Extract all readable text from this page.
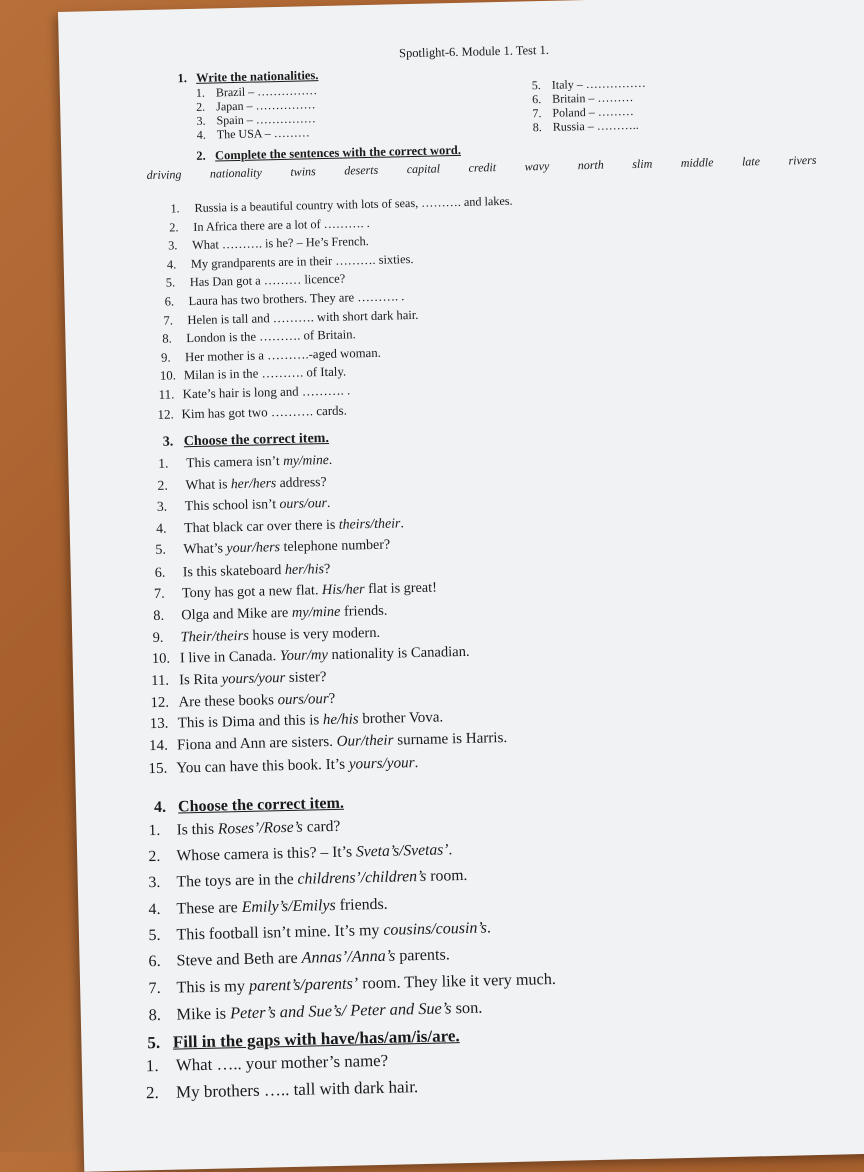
Spotlight-6. Module 1. Test 1.
1. Write the nationalities.
1. Brazil – ……………
2. Japan – ……………
3. Spain – ……………
4. The USA – ………
5. Italy – ……………
6. Britain – ………
7. Poland – ………
8. Russia – ………..
2. Complete the sentences with the correct word.
driving nationality twins deserts capital credit wavy north slim middle late rivers
1. Russia is a beautiful country with lots of seas, ………. and lakes.
2. In Africa there are a lot of ………. .
3. What ………. is he? – He’s French.
4. My grandparents are in their ………. sixties.
5. Has Dan got a ……… licence?
6. Laura has two brothers. They are ………. .
7. Helen is tall and ………. with short dark hair.
8. London is the ………. of Britain.
9. Her mother is a ……….-aged woman.
10. Milan is in the ………. of Italy.
11. Kate’s hair is long and ………. .
12. Kim has got two ………. cards.
3. Choose the correct item.
1. This camera isn’t my/mine.
2. What is her/hers address?
3. This school isn’t ours/our.
4. That black car over there is theirs/their.
5. What’s your/hers telephone number?
6. Is this skateboard her/his?
7. Tony has got a new flat. His/her flat is great!
8. Olga and Mike are my/mine friends.
9. Their/theirs house is very modern.
10. I live in Canada. Your/my nationality is Canadian.
11. Is Rita yours/your sister?
12. Are these books ours/our?
13. This is Dima and this is he/his brother Vova.
14. Fiona and Ann are sisters. Our/their surname is Harris.
15. You can have this book. It’s yours/your.
4. Choose the correct item.
1. Is this Roses’/Rose’s card?
2. Whose camera is this? – It’s Sveta’s/Svetas’.
3. The toys are in the childrens’/children’s room.
4. These are Emily’s/Emilys friends.
5. This football isn’t mine. It’s my cousins/cousin’s.
6. Steve and Beth are Annas’/Anna’s parents.
7. This is my parent’s/parents’ room. They like it very much.
8. Mike is Peter’s and Sue’s/ Peter and Sue’s son.
5. Fill in the gaps with have/has/am/is/are.
1. What ….. your mother’s name?
2. My brothers ….. tall with dark hair.
